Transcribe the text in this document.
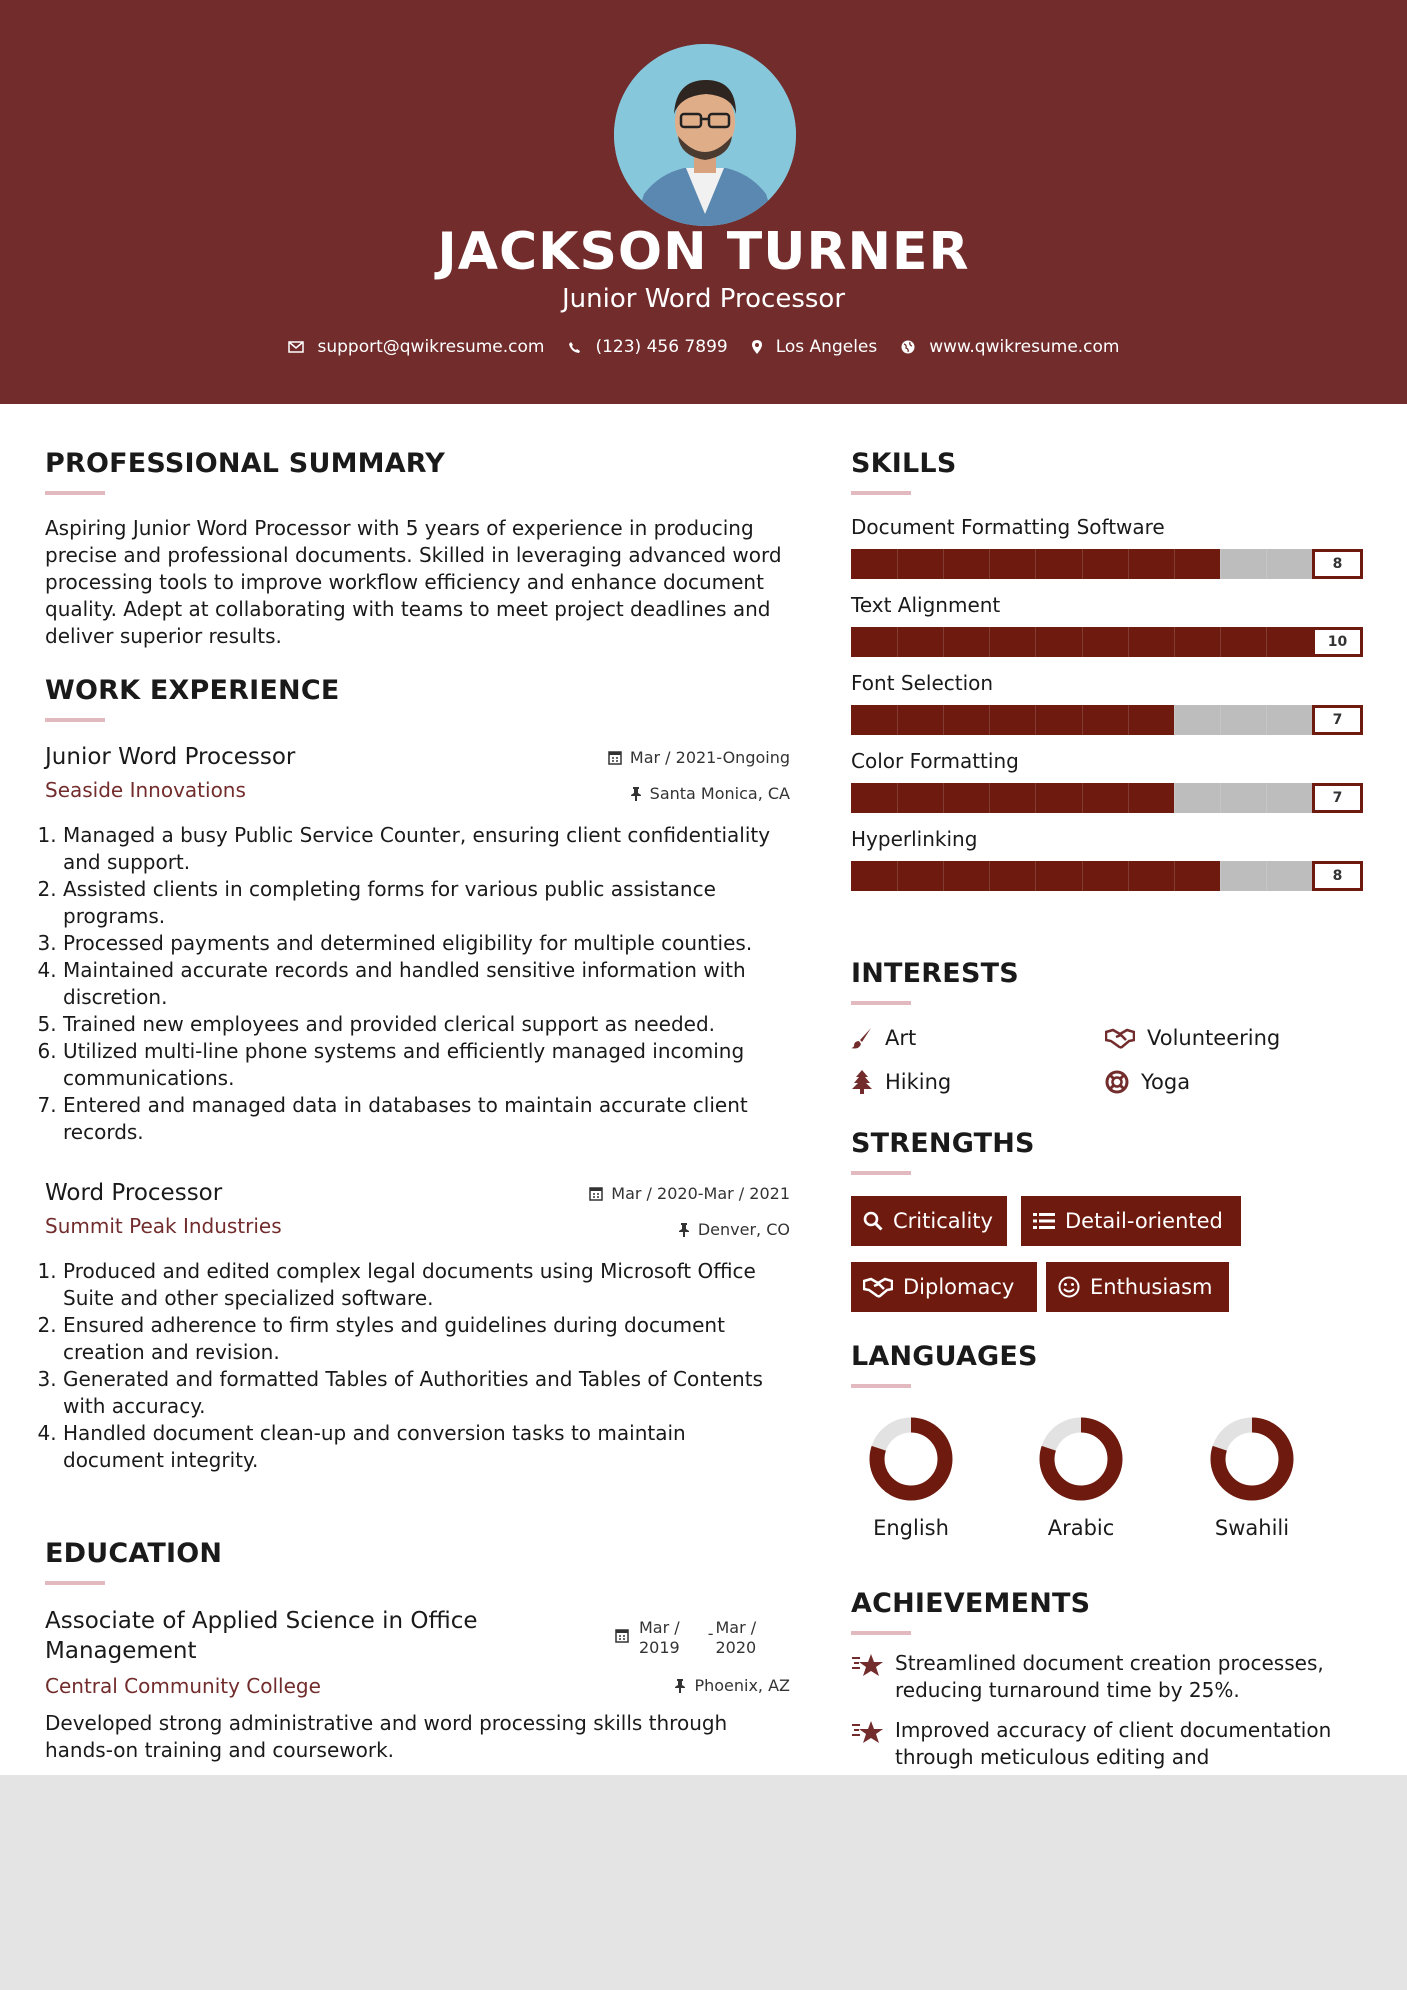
JACKSON TURNER
Junior Word Processor
support@qwikresume.com	(123) 456 7899	Los Angeles	www.qwikresume.com
PROFESSIONAL SUMMARY
Aspiring Junior Word Processor with 5 years of experience in producing precise and professional documents. Skilled in leveraging advanced word processing tools to improve workflow efficiency and enhance document quality. Adept at collaborating with teams to meet project deadlines and deliver superior results.
WORK EXPERIENCE
Junior Word Processor	Mar / 2021-Ongoing
Seaside Innovations	Santa Monica, CA
1. Managed a busy Public Service Counter, ensuring client confidentiality and support.
2. Assisted clients in completing forms for various public assistance programs.
3. Processed payments and determined eligibility for multiple counties.
4. Maintained accurate records and handled sensitive information with discretion.
5. Trained new employees and provided clerical support as needed.
6. Utilized multi-line phone systems and efficiently managed incoming communications.
7. Entered and managed data in databases to maintain accurate client records.
Word Processor	Mar / 2020-Mar / 2021
Summit Peak Industries	Denver, CO
1. Produced and edited complex legal documents using Microsoft Office Suite and other specialized software.
2. Ensured adherence to firm styles and guidelines during document creation and revision.
3. Generated and formatted Tables of Authorities and Tables of Contents with accuracy.
4. Handled document clean-up and conversion tasks to maintain document integrity.
EDUCATION
Associate of Applied Science in Office
Management
Mar /
2019
- Mar /
2020
Central Community College	Phoenix, AZ
Developed strong administrative and word processing skills through hands-on training and coursework.
SKILLS
Document Formatting Software
8
Text Alignment
10
Font Selection
7
Color Formatting
7
Hyperlinking
8
INTERESTS
Art	Volunteering
Hiking	Yoga
STRENGTHS
Criticality	Detail-oriented
Diplomacy	Enthusiasm
LANGUAGES
English	Arabic	Swahili
ACHIEVEMENTS
Streamlined document creation processes, reducing turnaround time by 25%.
Improved accuracy of client documentation through meticulous editing and
